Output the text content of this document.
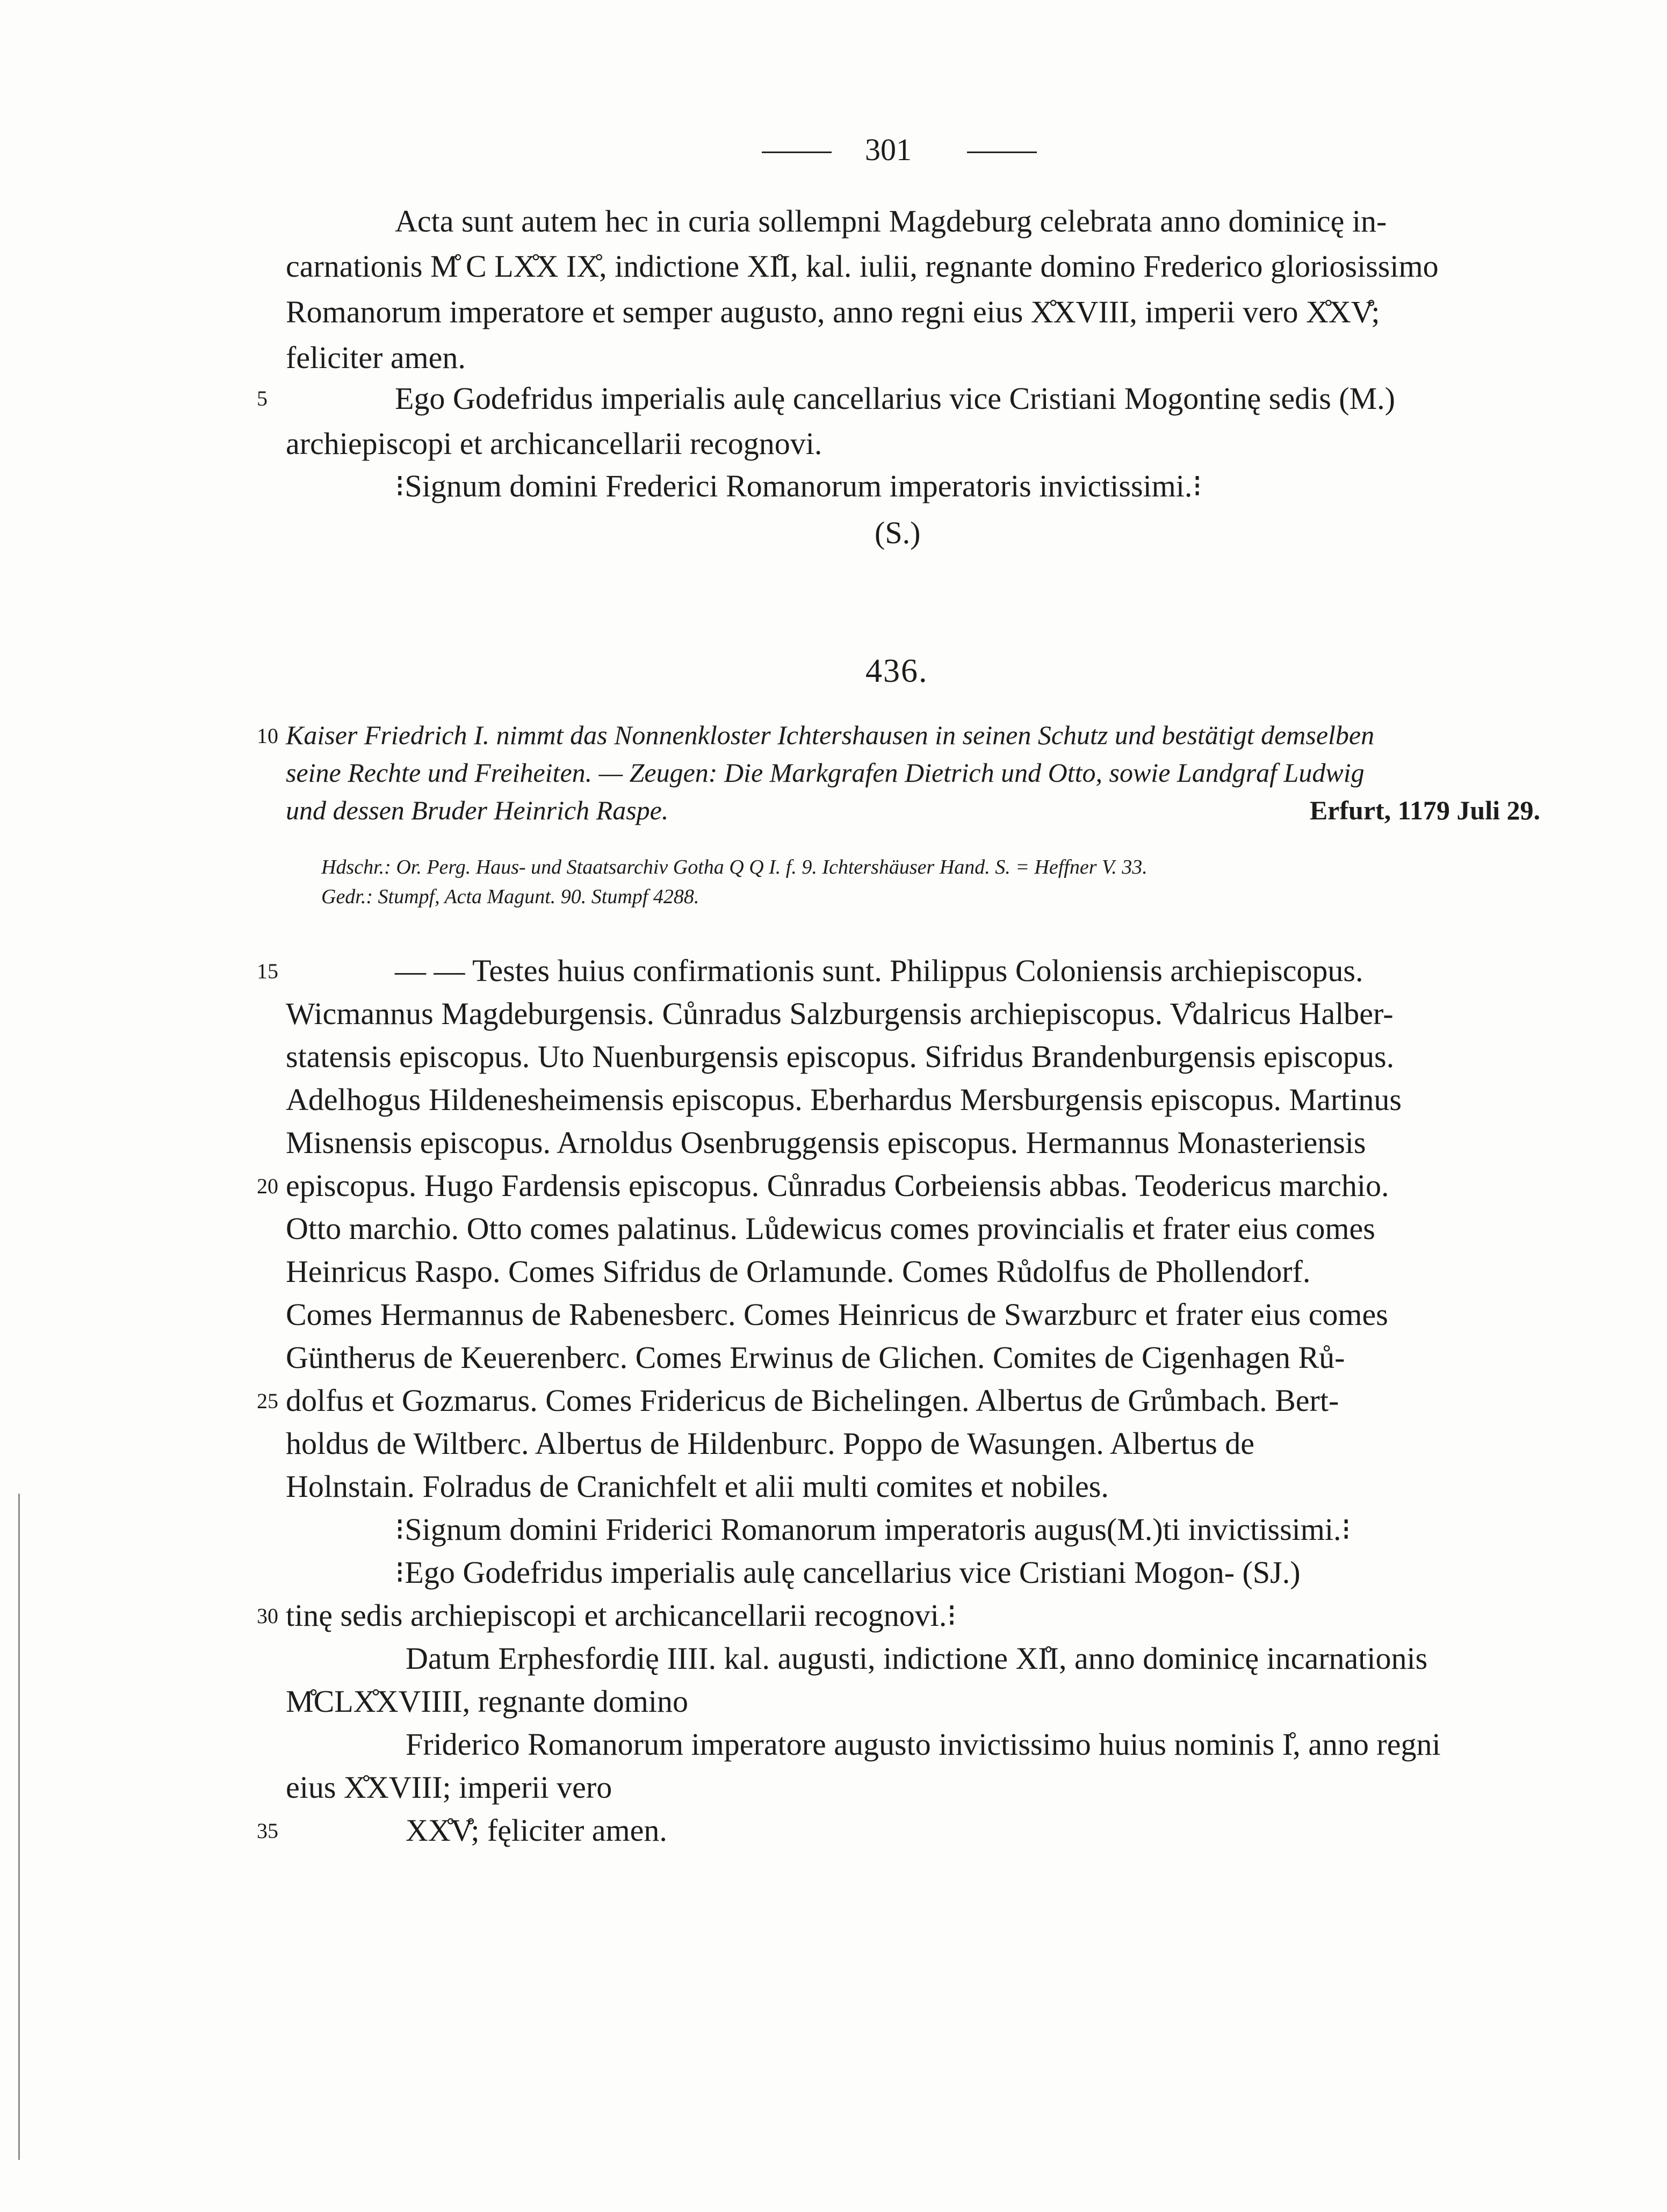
301
Acta sunt autem hec in curia sollempni Magdeburg celebrata anno dominicę in-
carnationis M̊ C LX̊X IX̊, indictione XI̊I, kal. iulii, regnante domino Frederico gloriosissimo
Romanorum imperatore et semper augusto, anno regni eius X̊XVIII, imperii vero X̊XV̊;
feliciter amen.
5	Ego Godefridus imperialis aulę cancellarius vice Cristiani Mogontinę sedis (M.)
archiepiscopi et archicancellarii recognovi.
⁝Signum domini Frederici Romanorum imperatoris invictissimi.⁝
(S.)
436.
10 Kaiser Friedrich I. nimmt das Nonnenkloster Ichtershausen in seinen Schutz und bestätigt demselben
seine Rechte und Freiheiten. — Zeugen: Die Markgrafen Dietrich und Otto, sowie Landgraf Ludwig
und dessen Bruder Heinrich Raspe.	Erfurt, 1179 Juli 29.
Hdschr.: Or. Perg. Haus- und Staatsarchiv Gotha Q Q I. f. 9. Ichtershäuser Hand. S. = Heffner V. 33.
Gedr.: Stumpf, Acta Magunt. 90. Stumpf 4288.
15	— — Testes huius confirmationis sunt. Philippus Coloniensis archiepiscopus.
Wicmannus Magdeburgensis. Cůnradus Salzburgensis archiepiscopus. V̊dalricus Halber-
statensis episcopus. Uto Nuenburgensis episcopus. Sifridus Brandenburgensis episcopus.
Adelhogus Hildenesheimensis episcopus. Eberhardus Mersburgensis episcopus. Martinus
Misnensis episcopus. Arnoldus Osenbruggensis episcopus. Hermannus Monasteriensis
20 episcopus. Hugo Fardensis episcopus. Cůnradus Corbeiensis abbas. Teodericus marchio.
Otto marchio. Otto comes palatinus. Lůdewicus comes provincialis et frater eius comes
Heinricus Raspo. Comes Sifridus de Orlamunde. Comes Růdolfus de Phollendorf.
Comes Hermannus de Rabenesberc. Comes Heinricus de Swarzburc et frater eius comes
Güntherus de Keuerenberc. Comes Erwinus de Glichen. Comites de Cigenhagen Rů-
25 dolfus et Gozmarus. Comes Fridericus de Bichelingen. Albertus de Grůmbach. Bert-
holdus de Wiltberc. Albertus de Hildenburc. Poppo de Wasungen. Albertus de
Holnstain. Folradus de Cranichfelt et alii multi comites et nobiles.
⁝Signum domini Friderici Romanorum imperatoris augus(M.)ti invictissimi.⁝
⁝Ego Godefridus imperialis aulę cancellarius vice Cristiani Mogon- (SJ.)
30 tinę sedis archiepiscopi et archicancellarii recognovi.⁝
Datum Erphesfordię IIII. kal. augusti, indictione XI̊I, anno dominicę incarnationis
M̊CLX̊XVIIII, regnante domino
Friderico Romanorum imperatore augusto invictissimo huius nominis I̊, anno regni
eius X̊XVIII; imperii vero
35	XX̊V̊; fęliciter amen.
